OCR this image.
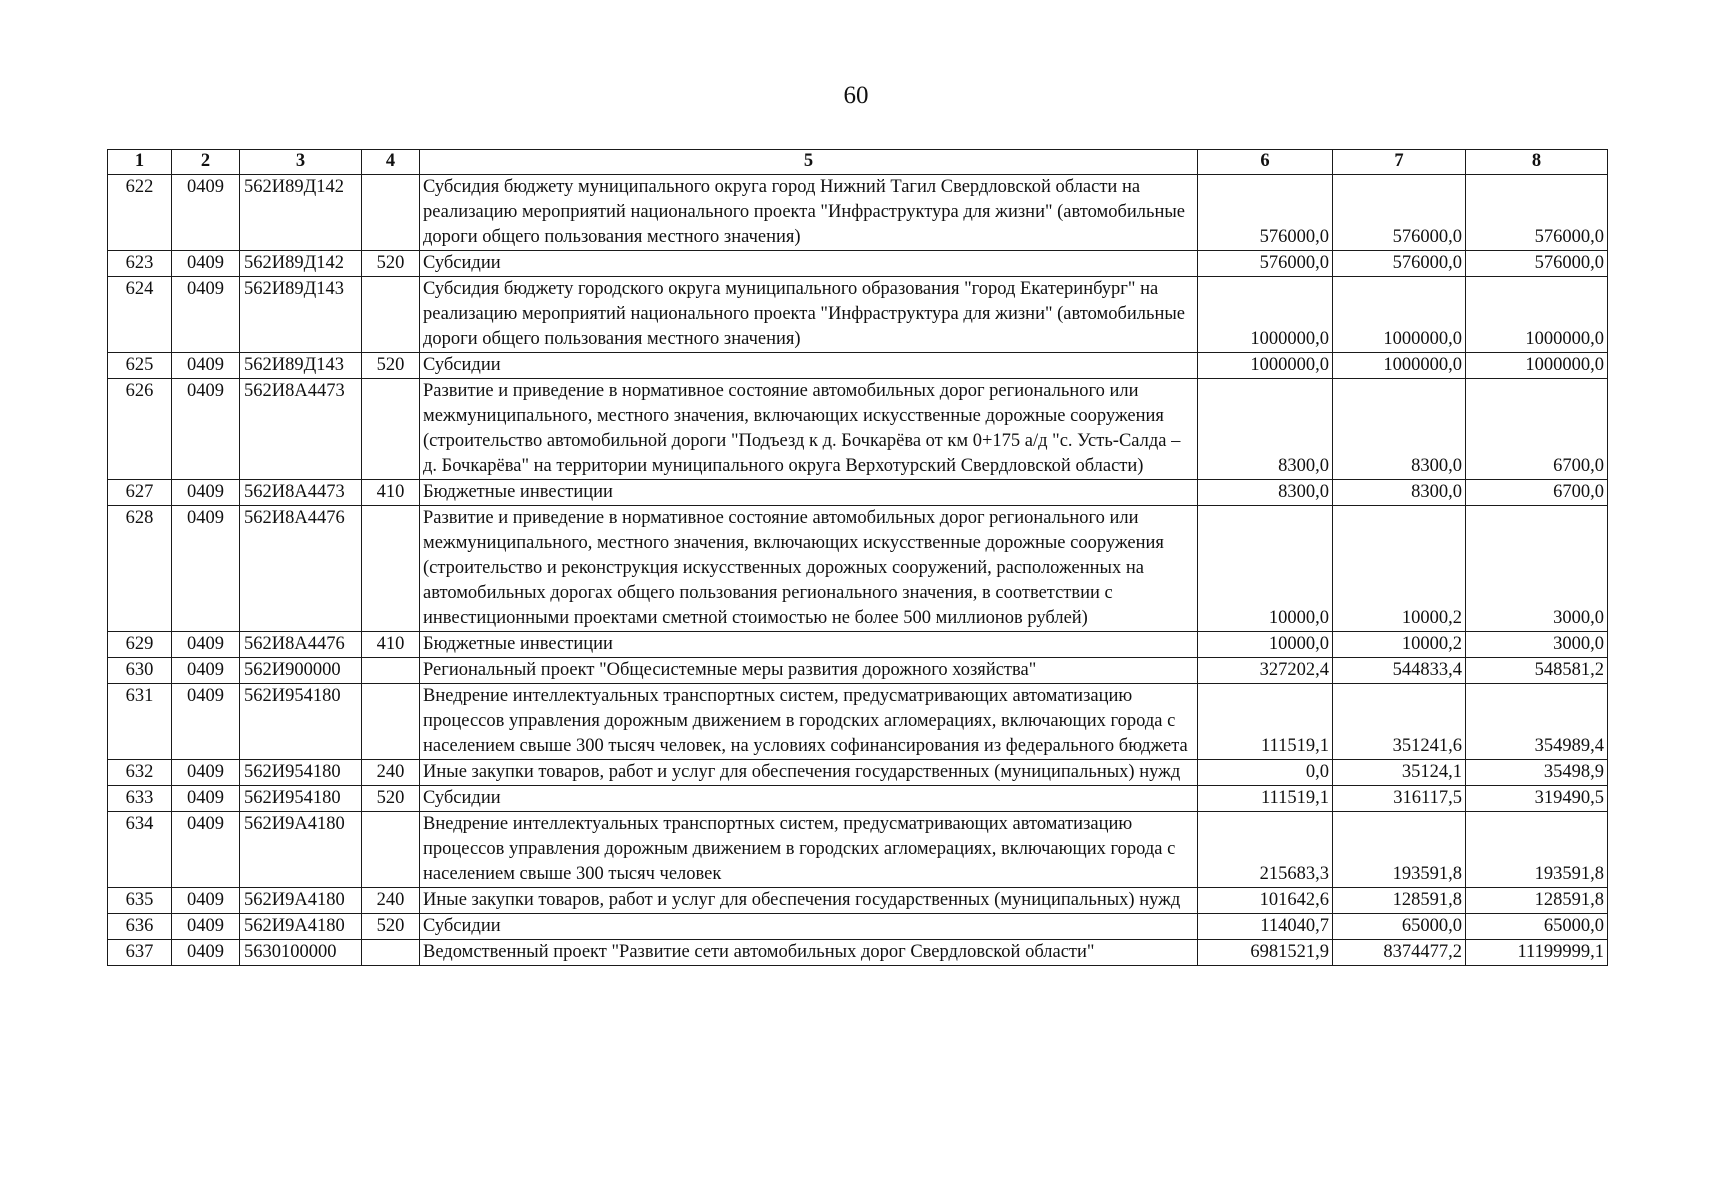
60
1	2	3	4	5	6	7	8
622	0409	562И89Д142		Субсидия бюджету муниципального округа город Нижний Тагил Свердловской области на реализацию мероприятий национального проекта "Инфраструктура для жизни" (автомобильные дороги общего пользования местного значения)	576000,0	576000,0	576000,0
623	0409	562И89Д142	520	Субсидии	576000,0	576000,0	576000,0
624	0409	562И89Д143		Субсидия бюджету городского округа муниципального образования "город Екатеринбург" на реализацию мероприятий национального проекта "Инфраструктура для жизни" (автомобильные дороги общего пользования местного значения)	1000000,0	1000000,0	1000000,0
625	0409	562И89Д143	520	Субсидии	1000000,0	1000000,0	1000000,0
626	0409	562И8А4473		Развитие и приведение в нормативное состояние автомобильных дорог регионального или межмуниципального, местного значения, включающих искусственные дорожные сооружения (строительство автомобильной дороги "Подъезд к д. Бочкарёва от км 0+175 а/д "с. Усть-Салда – д. Бочкарёва" на территории муниципального округа Верхотурский Свердловской области)	8300,0	8300,0	6700,0
627	0409	562И8А4473	410	Бюджетные инвестиции	8300,0	8300,0	6700,0
628	0409	562И8А4476		Развитие и приведение в нормативное состояние автомобильных дорог регионального или межмуниципального, местного значения, включающих искусственные дорожные сооружения (строительство и реконструкция искусственных дорожных сооружений, расположенных на автомобильных дорогах общего пользования регионального значения, в соответствии с инвестиционными проектами сметной стоимостью не более 500 миллионов рублей)	10000,0	10000,2	3000,0
629	0409	562И8А4476	410	Бюджетные инвестиции	10000,0	10000,2	3000,0
630	0409	562И900000		Региональный проект "Общесистемные меры развития дорожного хозяйства"	327202,4	544833,4	548581,2
631	0409	562И954180		Внедрение интеллектуальных транспортных систем, предусматривающих автоматизацию процессов управления дорожным движением в городских агломерациях, включающих города с населением свыше 300 тысяч человек, на условиях софинансирования из федерального бюджета	111519,1	351241,6	354989,4
632	0409	562И954180	240	Иные закупки товаров, работ и услуг для обеспечения государственных (муниципальных) нужд	0,0	35124,1	35498,9
633	0409	562И954180	520	Субсидии	111519,1	316117,5	319490,5
634	0409	562И9А4180		Внедрение интеллектуальных транспортных систем, предусматривающих автоматизацию процессов управления дорожным движением в городских агломерациях, включающих города с населением свыше 300 тысяч человек	215683,3	193591,8	193591,8
635	0409	562И9А4180	240	Иные закупки товаров, работ и услуг для обеспечения государственных (муниципальных) нужд	101642,6	128591,8	128591,8
636	0409	562И9А4180	520	Субсидии	114040,7	65000,0	65000,0
637	0409	5630100000		Ведомственный проект "Развитие сети автомобильных дорог Свердловской области"	6981521,9	8374477,2	11199999,1
